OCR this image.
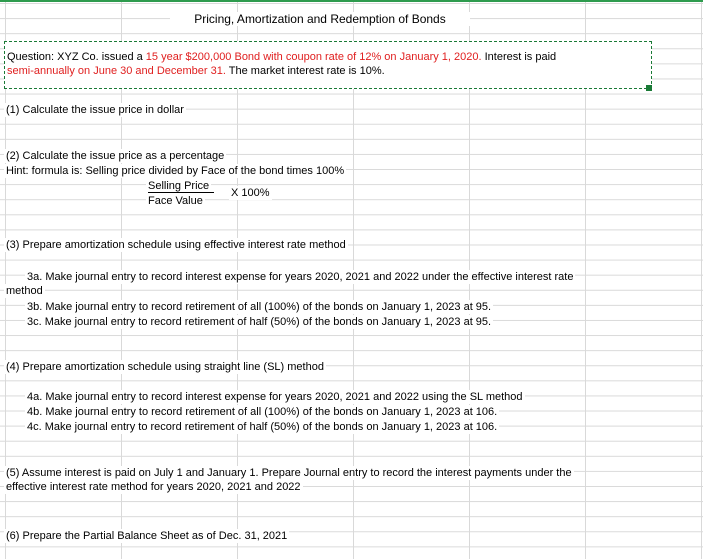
Pricing, Amortization and Redemption of Bonds
Question: XYZ Co. issued a 15 year $200,000 Bond with coupon rate of 12% on January 1, 2020. Interest is paid
semi-annually on June 30 and December 31. The market interest rate is 10%.
(1) Calculate the issue price in dollar
(2) Calculate the issue price as a percentage
Hint: formula is: Selling price divided by Face of the bond times 100%
Selling Price
X 100%
Face Value
(3) Prepare amortization schedule using effective interest rate method
3a. Make journal entry to record interest expense for years 2020, 2021 and 2022 under the effective interest rate
method
3b. Make journal entry to record retirement of all (100%) of the bonds on January 1, 2023 at 95.
3c. Make journal entry to record retirement of half (50%) of the bonds on January 1, 2023 at 95.
(4) Prepare amortization schedule using straight line (SL) method
4a. Make journal entry to record interest expense for years 2020, 2021 and 2022 using the SL method
4b. Make journal entry to record retirement of all (100%) of the bonds on January 1, 2023 at 106.
4c. Make journal entry to record retirement of half (50%) of the bonds on January 1, 2023 at 106.
(5) Assume interest is paid on July 1 and January 1. Prepare Journal entry to record the interest payments under the
effective interest rate method for years 2020, 2021 and 2022
(6) Prepare the Partial Balance Sheet as of Dec. 31, 2021
